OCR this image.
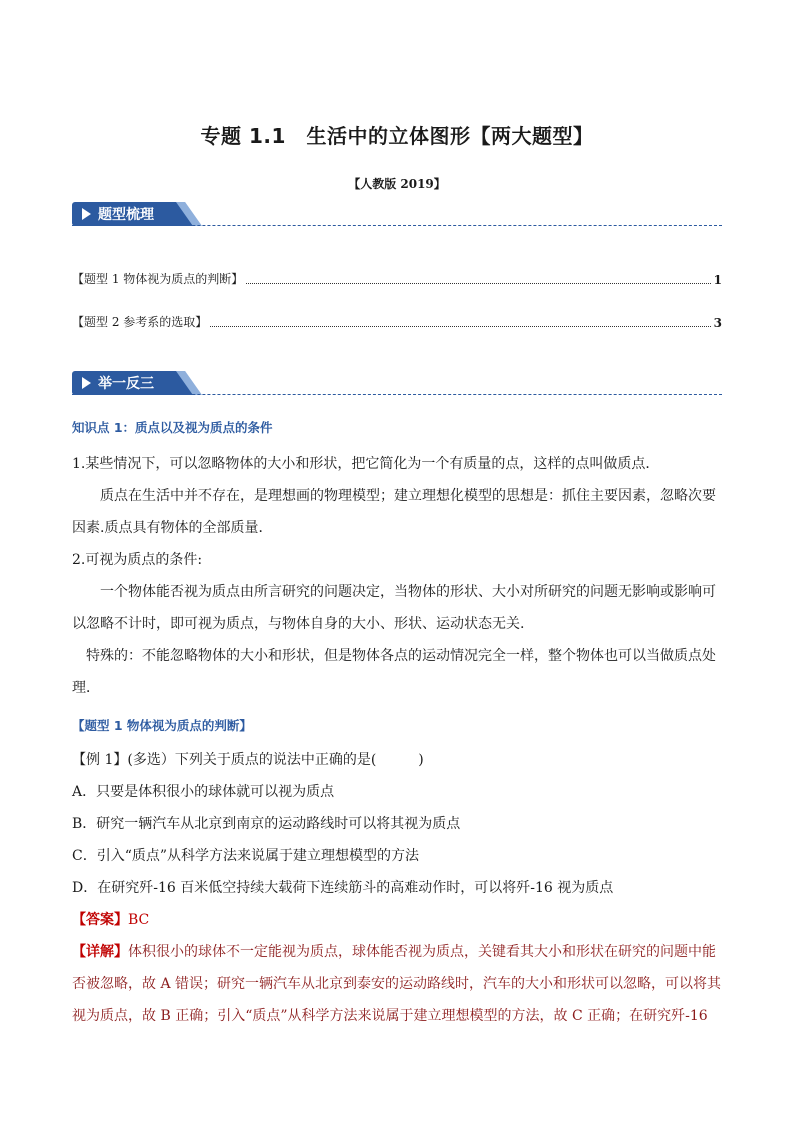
专题 1.1　生活中的立体图形【两大题型】
【人教版 2019】
题型梳理
【题型 1 物体视为质点的判断】	1
【题型 2 参考系的选取】	3
举一反三
知识点 1：质点以及视为质点的条件
1.某些情况下，可以忽略物体的大小和形状，把它简化为一个有质量的点，这样的点叫做质点．
质点在生活中并不存在，是理想画的物理模型；建立理想化模型的思想是：抓住主要因素，忽略次要因素.质点具有物体的全部质量．
2.可视为质点的条件:
一个物体能否视为质点由所言研究的问题决定，当物体的形状、大小对所研究的问题无影响或影响可以忽略不计时，即可视为质点，与物体自身的大小、形状、运动状态无关.
特殊的：不能忽略物体的大小和形状，但是物体各点的运动情况完全一样，整个物体也可以当做质点处理．
【题型 1 物体视为质点的判断】
【例 1】(多选）下列关于质点的说法中正确的是(　　　)
A．只要是体积很小的球体就可以视为质点
B．研究一辆汽车从北京到南京的运动路线时可以将其视为质点
C．引入“质点”从科学方法来说属于建立理想模型的方法
D．在研究歼-16 百米低空持续大载荷下连续筋斗的高难动作时，可以将歼-16 视为质点
【答案】BC
【详解】体积很小的球体不一定能视为质点，球体能否视为质点，关键看其大小和形状在研究的问题中能否被忽略，故 A 错误；研究一辆汽车从北京到泰安的运动路线时，汽车的大小和形状可以忽略，可以将其视为质点，故 B 正确；引入“质点”从科学方法来说属于建立理想模型的方法，故 C 正确；在研究歼-16
